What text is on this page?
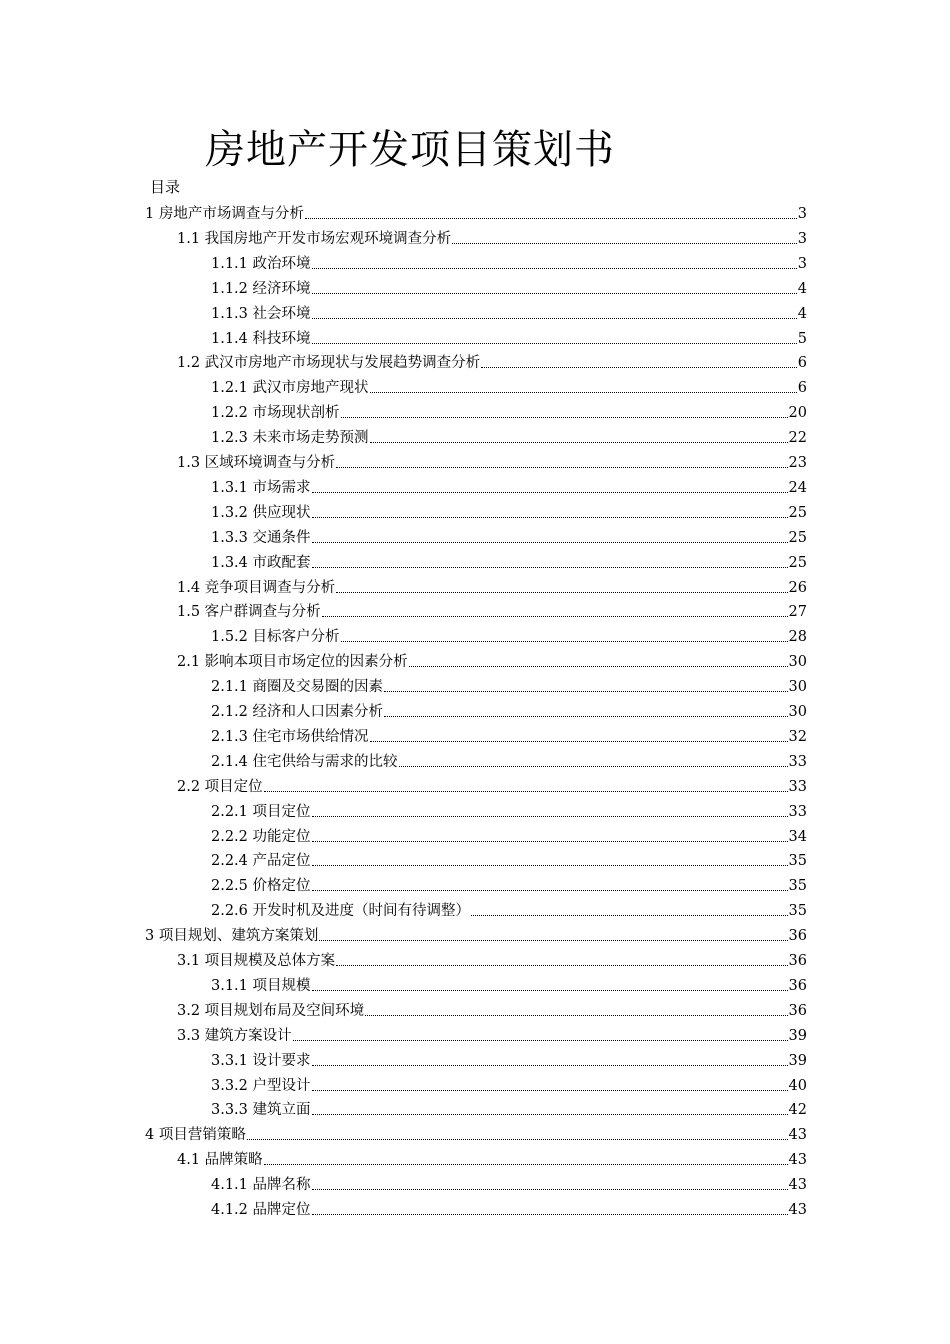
房地产开发项目策划书
目录
1 房地产市场调查与分析	3
1.1 我国房地产开发市场宏观环境调查分析	3
1.1.1 政治环境	3
1.1.2 经济环境	4
1.1.3 社会环境	4
1.1.4 科技环境	5
1.2 武汉市房地产市场现状与发展趋势调查分析	6
1.2.1 武汉市房地产现状	6
1.2.2 市场现状剖析	20
1.2.3 未来市场走势预测	22
1.3 区域环境调查与分析	23
1.3.1 市场需求	24
1.3.2 供应现状	25
1.3.3 交通条件	25
1.3.4 市政配套	25
1.4 竞争项目调查与分析	26
1.5 客户群调查与分析	27
1.5.2 目标客户分析	28
2.1 影响本项目市场定位的因素分析	30
2.1.1 商圈及交易圈的因素	30
2.1.2 经济和人口因素分析	30
2.1.3 住宅市场供给情况	32
2.1.4 住宅供给与需求的比较	33
2.2 项目定位	33
2.2.1 项目定位	33
2.2.2 功能定位	34
2.2.4 产品定位	35
2.2.5 价格定位	35
2.2.6 开发时机及进度（时间有待调整）	35
3 项目规划、建筑方案策划	36
3.1 项目规模及总体方案	36
3.1.1 项目规模	36
3.2 项目规划布局及空间环境	36
3.3 建筑方案设计	39
3.3.1 设计要求	39
3.3.2 户型设计	40
3.3.3 建筑立面	42
4 项目营销策略	43
4.1 品牌策略	43
4.1.1 品牌名称	43
4.1.2 品牌定位	43
